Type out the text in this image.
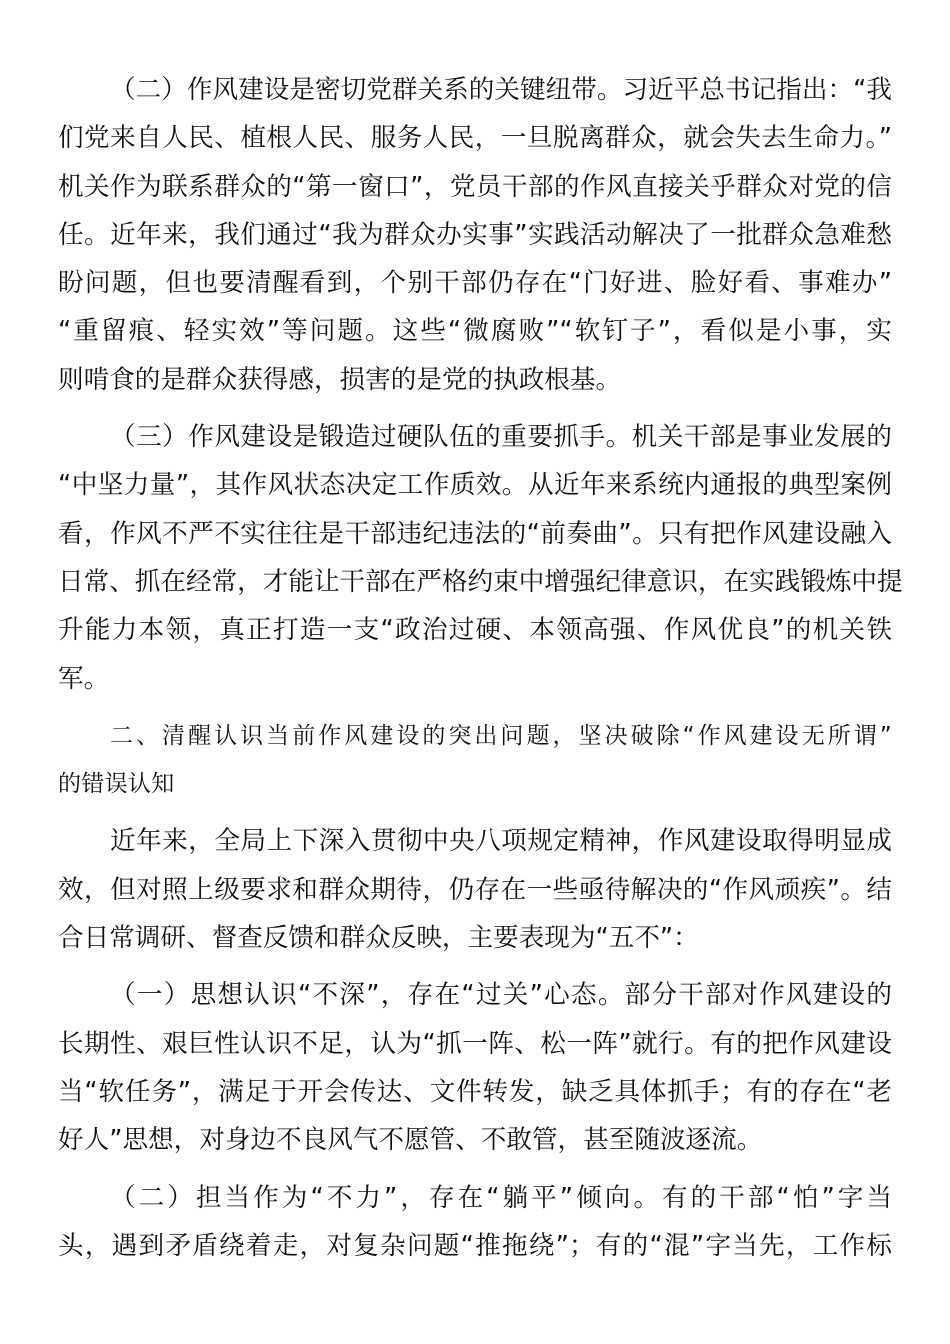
（二）作风建设是密切党群关系的关键纽带。习近平总书记指出：“我
们党来自人民、植根人民、服务人民，一旦脱离群众，就会失去生命力。”
机关作为联系群众的“第一窗口”，党员干部的作风直接关乎群众对党的信
任。近年来，我们通过“我为群众办实事”实践活动解决了一批群众急难愁
盼问题，但也要清醒看到，个别干部仍存在“门好进、脸好看、事难办”
“重留痕、轻实效”等问题。这些“微腐败”“软钉子”，看似是小事，实
则啃食的是群众获得感，损害的是党的执政根基。
（三）作风建设是锻造过硬队伍的重要抓手。机关干部是事业发展的
“中坚力量”，其作风状态决定工作质效。从近年来系统内通报的典型案例
看，作风不严不实往往是干部违纪违法的“前奏曲”。只有把作风建设融入
日常、抓在经常，才能让干部在严格约束中增强纪律意识，在实践锻炼中提
升能力本领，真正打造一支“政治过硬、本领高强、作风优良”的机关铁
军。
二、清醒认识当前作风建设的突出问题，坚决破除“作风建设无所谓”
的错误认知
近年来，全局上下深入贯彻中央八项规定精神，作风建设取得明显成
效，但对照上级要求和群众期待，仍存在一些亟待解决的“作风顽疾”。结
合日常调研、督查反馈和群众反映，主要表现为“五不”：
（一）思想认识“不深”，存在“过关”心态。部分干部对作风建设的
长期性、艰巨性认识不足，认为“抓一阵、松一阵”就行。有的把作风建设
当“软任务”，满足于开会传达、文件转发，缺乏具体抓手；有的存在“老
好人”思想，对身边不良风气不愿管、不敢管，甚至随波逐流。
（二）担当作为“不力”，存在“躺平”倾向。有的干部“怕”字当
头，遇到矛盾绕着走，对复杂问题“推拖绕”；有的“混”字当先，工作标
